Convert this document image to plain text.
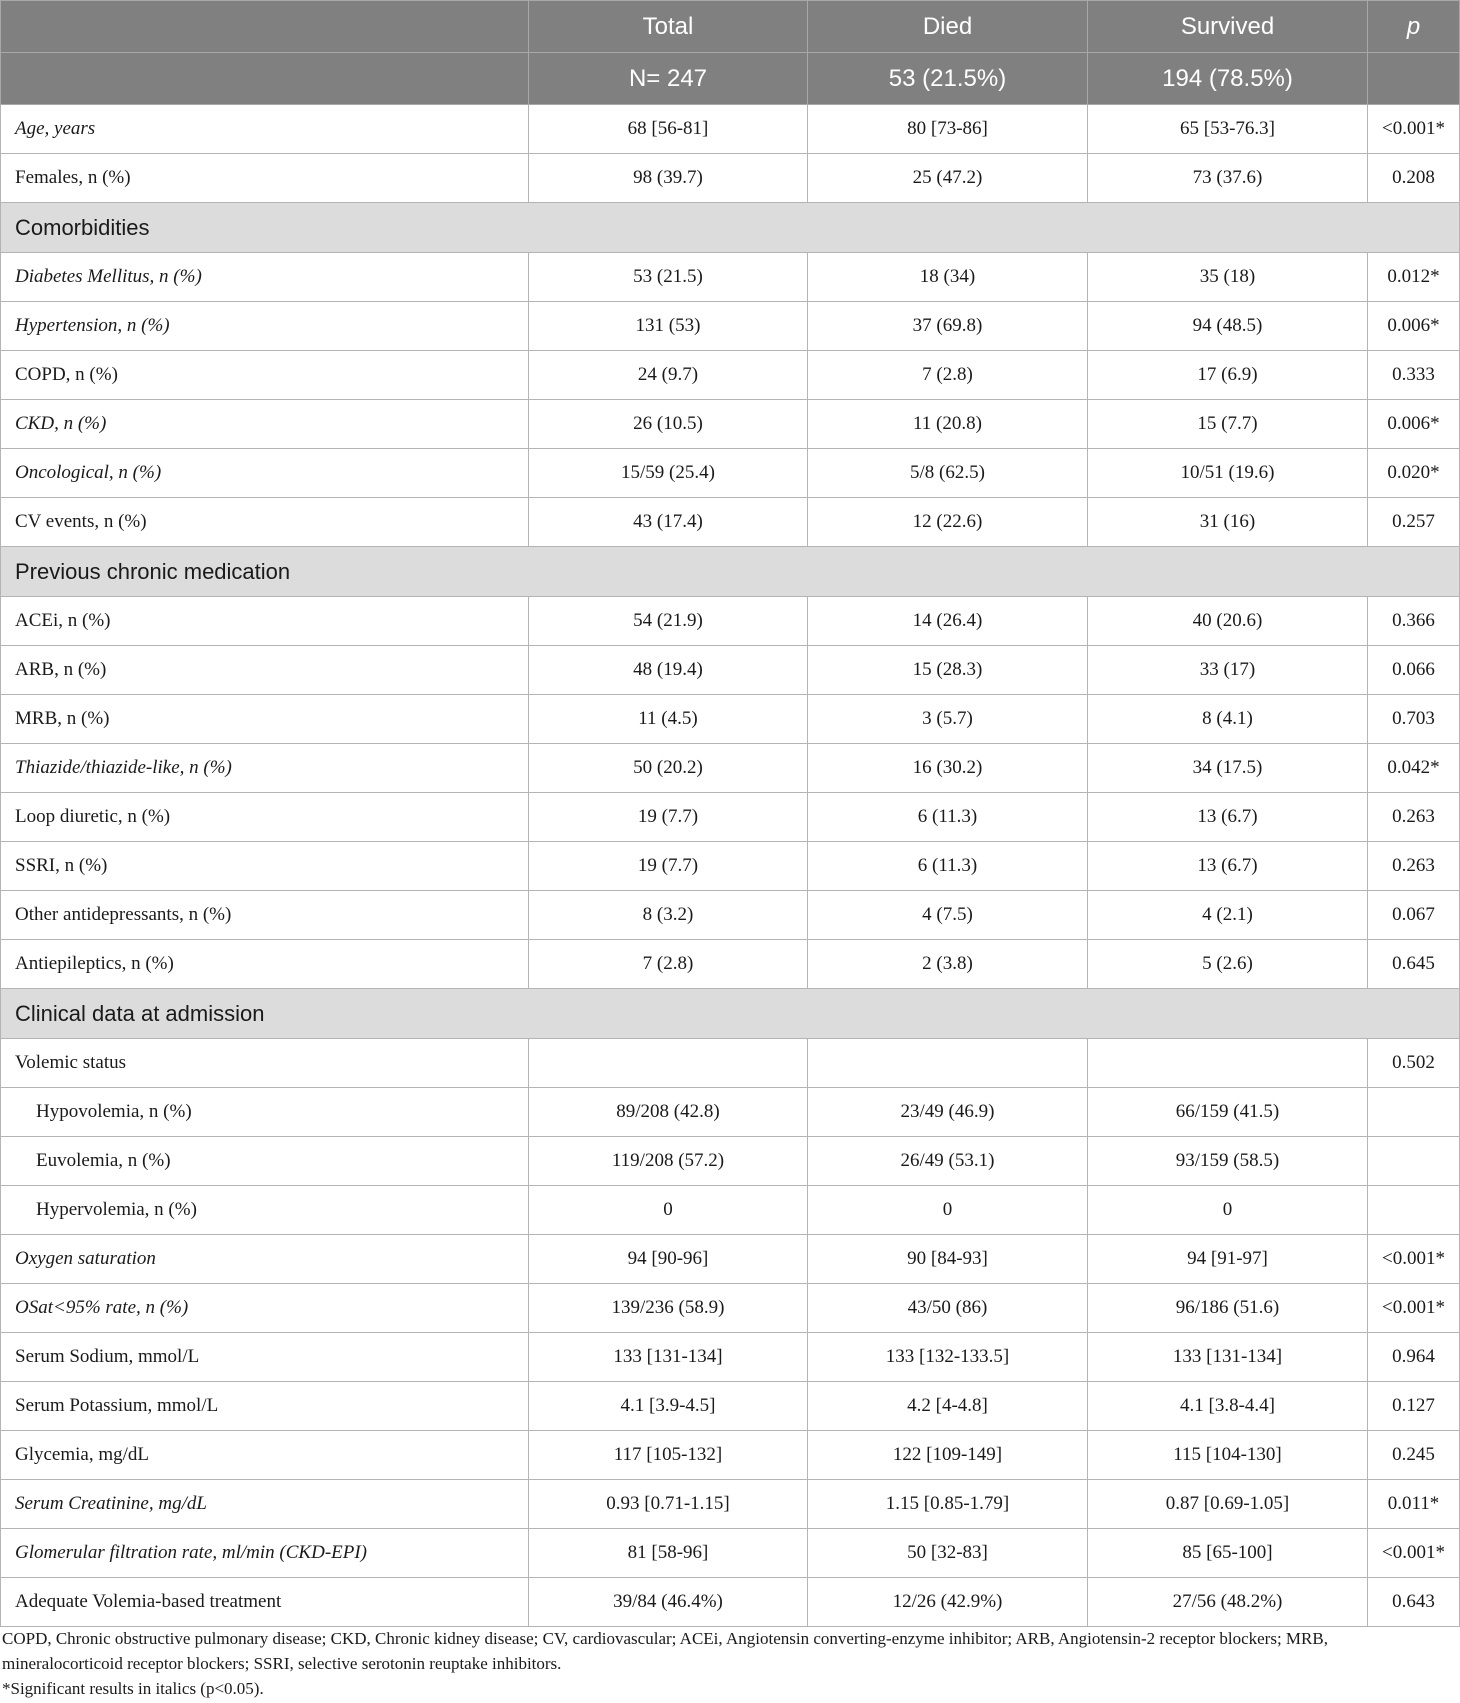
	Total	Died	Survived	p
	N= 247	53 (21.5%)	194 (78.5%)	
Age, years	68 [56-81]	80 [73-86]	65 [53-76.3]	<0.001*
Females, n (%)	98 (39.7)	25 (47.2)	73 (37.6)	0.208
Comorbidities				
Diabetes Mellitus, n (%)	53 (21.5)	18 (34)	35 (18)	0.012*
Hypertension, n (%)	131 (53)	37 (69.8)	94 (48.5)	0.006*
COPD, n (%)	24 (9.7)	7 (2.8)	17 (6.9)	0.333
CKD, n (%)	26 (10.5)	11 (20.8)	15 (7.7)	0.006*
Oncological, n (%)	15/59 (25.4)	5/8 (62.5)	10/51 (19.6)	0.020*
CV events, n (%)	43 (17.4)	12 (22.6)	31 (16)	0.257
Previous chronic medication				
ACEi, n (%)	54 (21.9)	14 (26.4)	40 (20.6)	0.366
ARB, n (%)	48 (19.4)	15 (28.3)	33 (17)	0.066
MRB, n (%)	11 (4.5)	3 (5.7)	8 (4.1)	0.703
Thiazide/thiazide-like, n (%)	50 (20.2)	16 (30.2)	34 (17.5)	0.042*
Loop diuretic, n (%)	19 (7.7)	6 (11.3)	13 (6.7)	0.263
SSRI, n (%)	19 (7.7)	6 (11.3)	13 (6.7)	0.263
Other antidepressants, n (%)	8 (3.2)	4 (7.5)	4 (2.1)	0.067
Antiepileptics, n (%)	7 (2.8)	2 (3.8)	5 (2.6)	0.645
Clinical data at admission				
Volemic status				0.502
Hypovolemia, n (%)	89/208 (42.8)	23/49 (46.9)	66/159 (41.5)	
Euvolemia, n (%)	119/208 (57.2)	26/49 (53.1)	93/159 (58.5)	
Hypervolemia, n (%)	0	0	0	
Oxygen saturation	94 [90-96]	90 [84-93]	94 [91-97]	<0.001*
OSat<95% rate, n (%)	139/236 (58.9)	43/50 (86)	96/186 (51.6)	<0.001*
Serum Sodium, mmol/L	133 [131-134]	133 [132-133.5]	133 [131-134]	0.964
Serum Potassium, mmol/L	4.1 [3.9-4.5]	4.2 [4-4.8]	4.1 [3.8-4.4]	0.127
Glycemia, mg/dL	117 [105-132]	122 [109-149]	115 [104-130]	0.245
Serum Creatinine, mg/dL	0.93 [0.71-1.15]	1.15 [0.85-1.79]	0.87 [0.69-1.05]	0.011*
Glomerular filtration rate, ml/min (CKD-EPI)	81 [58-96]	50 [32-83]	85 [65-100]	<0.001*
Adequate Volemia-based treatment	39/84 (46.4%)	12/26 (42.9%)	27/56 (48.2%)	0.643

COPD, Chronic obstructive pulmonary disease; CKD, Chronic kidney disease; CV, cardiovascular; ACEi, Angiotensin converting-enzyme inhibitor; ARB, Angiotensin-2 receptor blockers; MRB, mineralocorticoid receptor blockers; SSRI, selective serotonin reuptake inhibitors.

*Significant results in italics (p<0.05).
